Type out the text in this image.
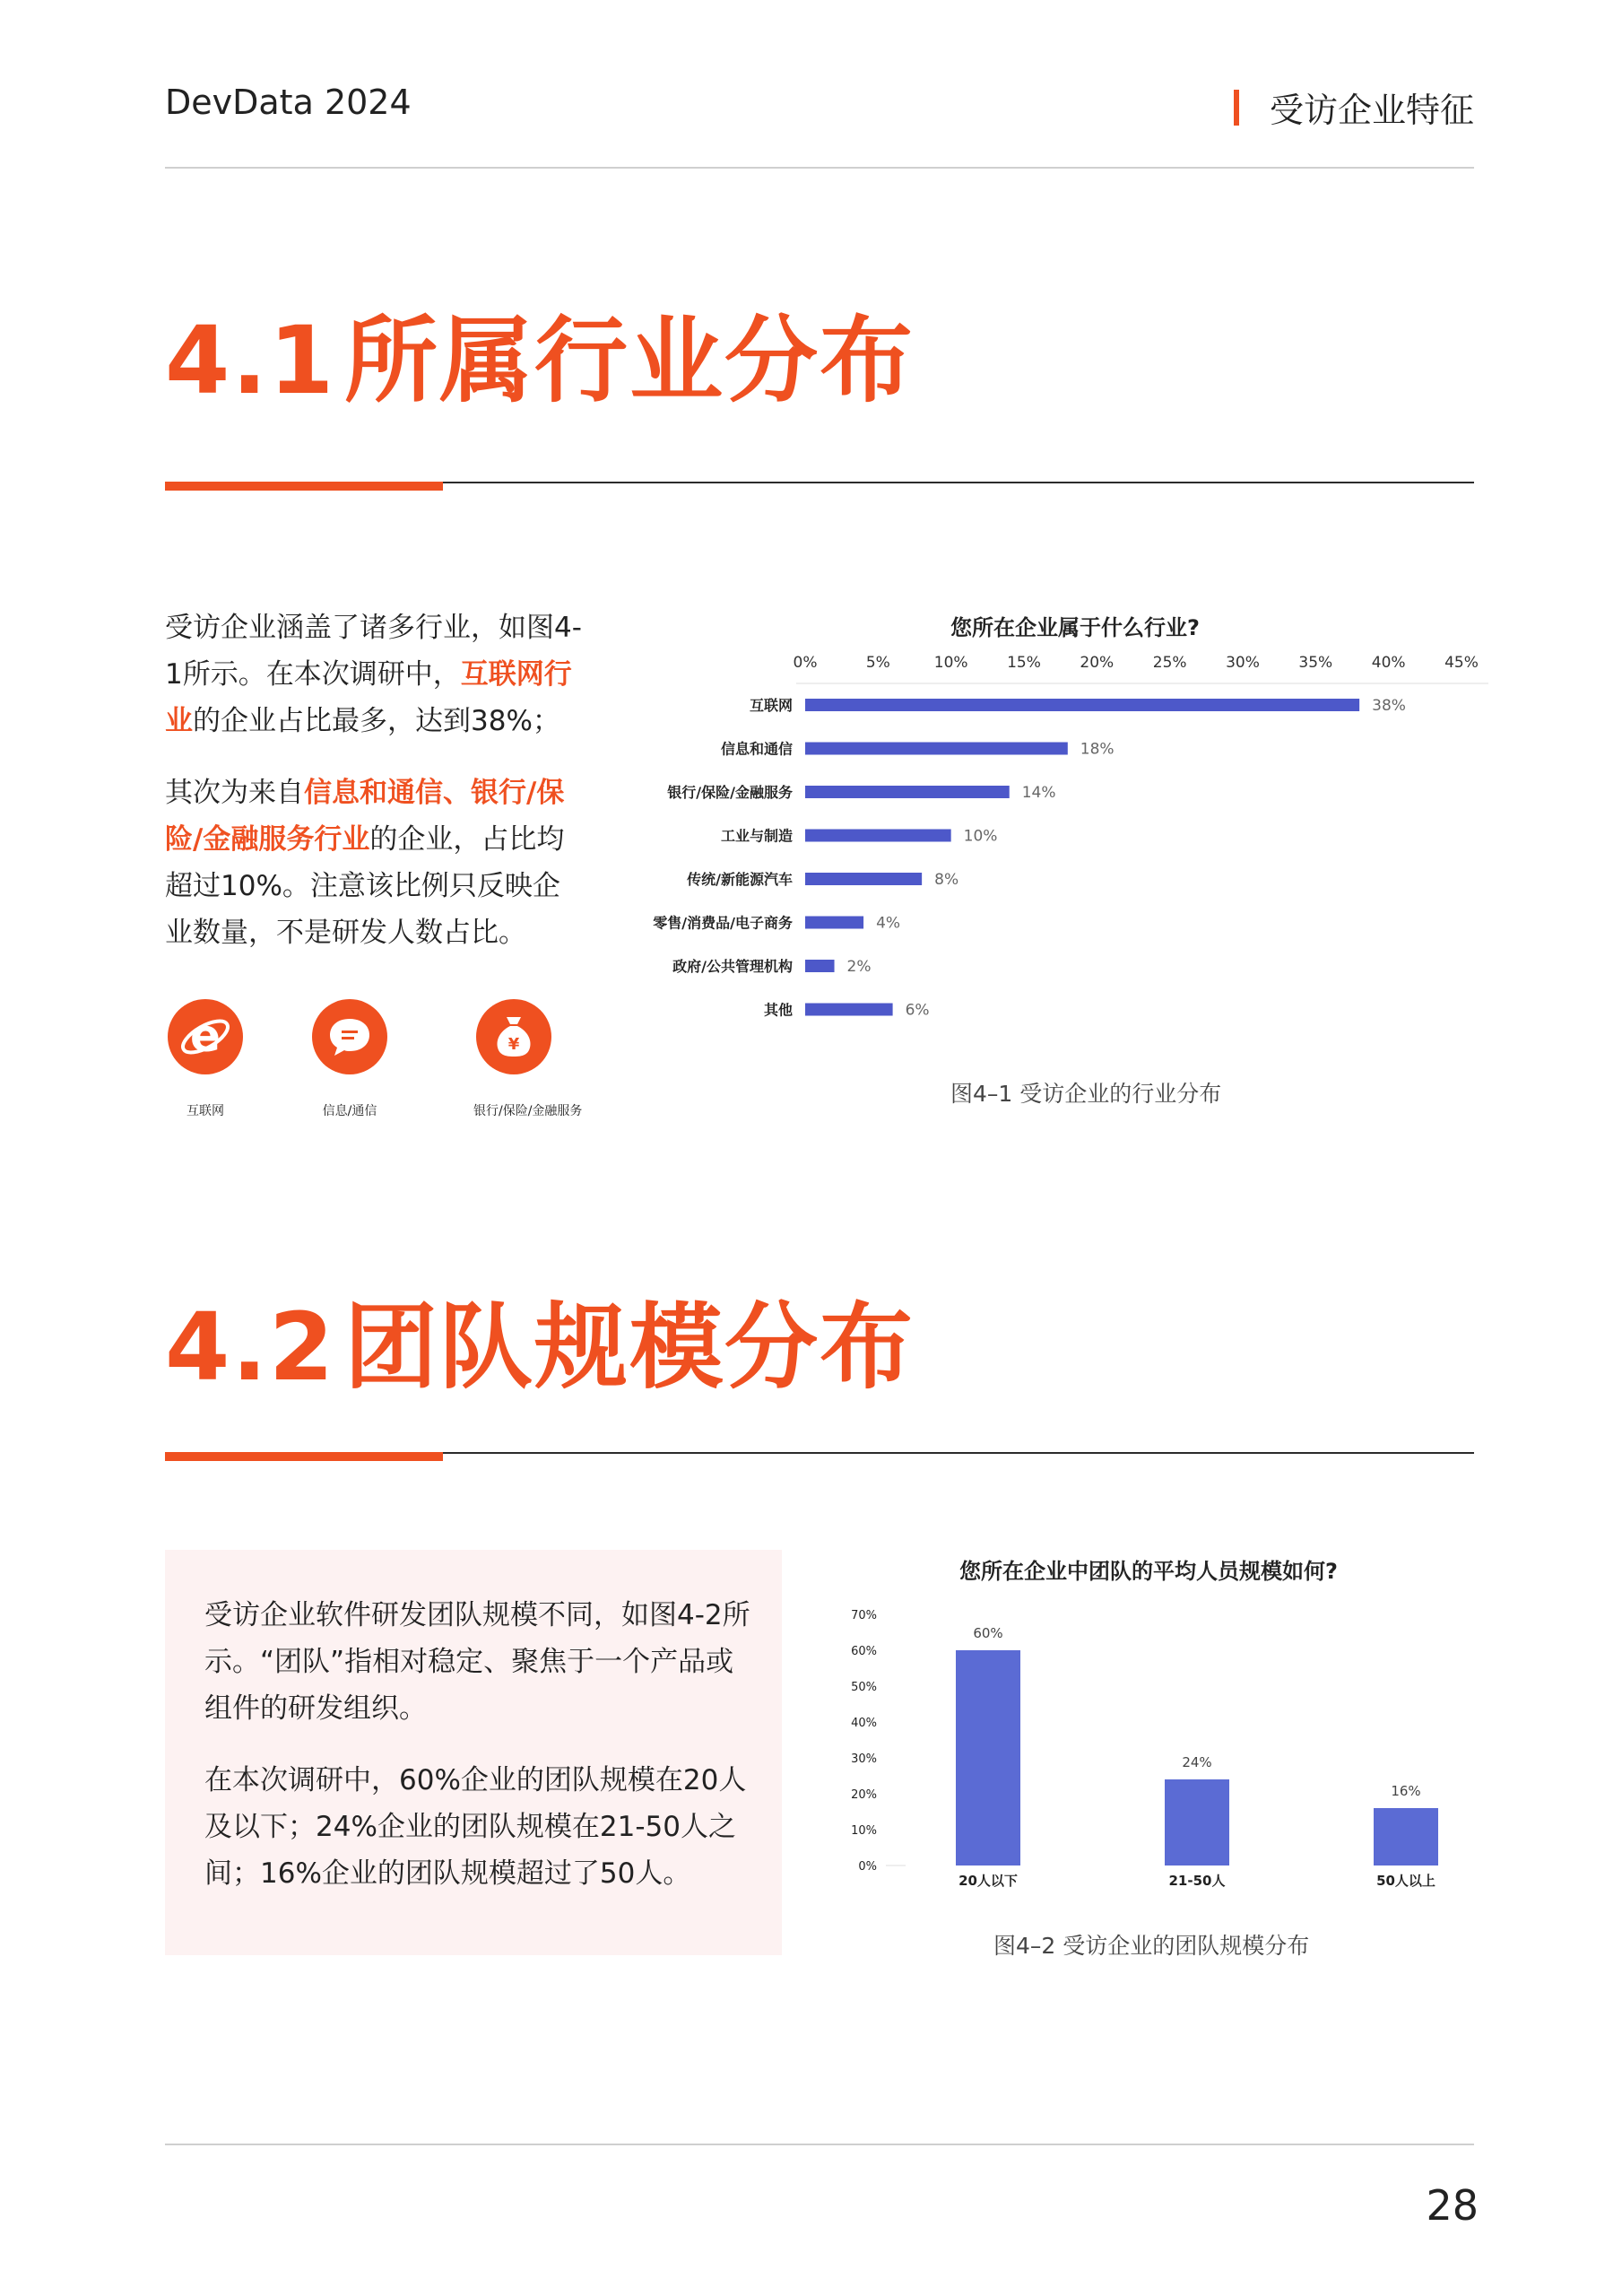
DevData 2024	受访企业特征
4.1所属行业分布

受访企业涵盖了诸多行业，如图4-1所示。在本次调研中，互联网行业的企业占比最多，达到38%；

其次为来自信息和通信、银行/保险/金融服务行业的企业，占比均超过10%。注意该比例只反映企业数量，不是研发人数占比。

e
互联网	信息/通信
¥
银行/保险/金融服务
您所在企业属于什么行业?
0%	5%	10%	15%	20%	25%	30%	35%	40%	45%
互联网	38%
信息和通信	18%
银行/保险/金融服务	14%
工业与制造	10%
传统/新能源汽车	8%
零售/消费品/电子商务	4%
政府/公共管理机构	2%
其他	6%
图4–1 受访企业的行业分布
4.2团队规模分布

受访企业软件研发团队规模不同，如图4-2所示。“团队”指相对稳定、聚焦于一个产品或组件的研发组织。

在本次调研中，60%企业的团队规模在20人及以下；24%企业的团队规模在21-50人之间；16%企业的团队规模超过了50人。

您所在企业中团队的平均人员规模如何?
0%
10%
20%
30%
40%
50%
60%
70%
60%
20人以下
24%
21-50人
16%
50人以上
图4–2 受访企业的团队规模分布
28
